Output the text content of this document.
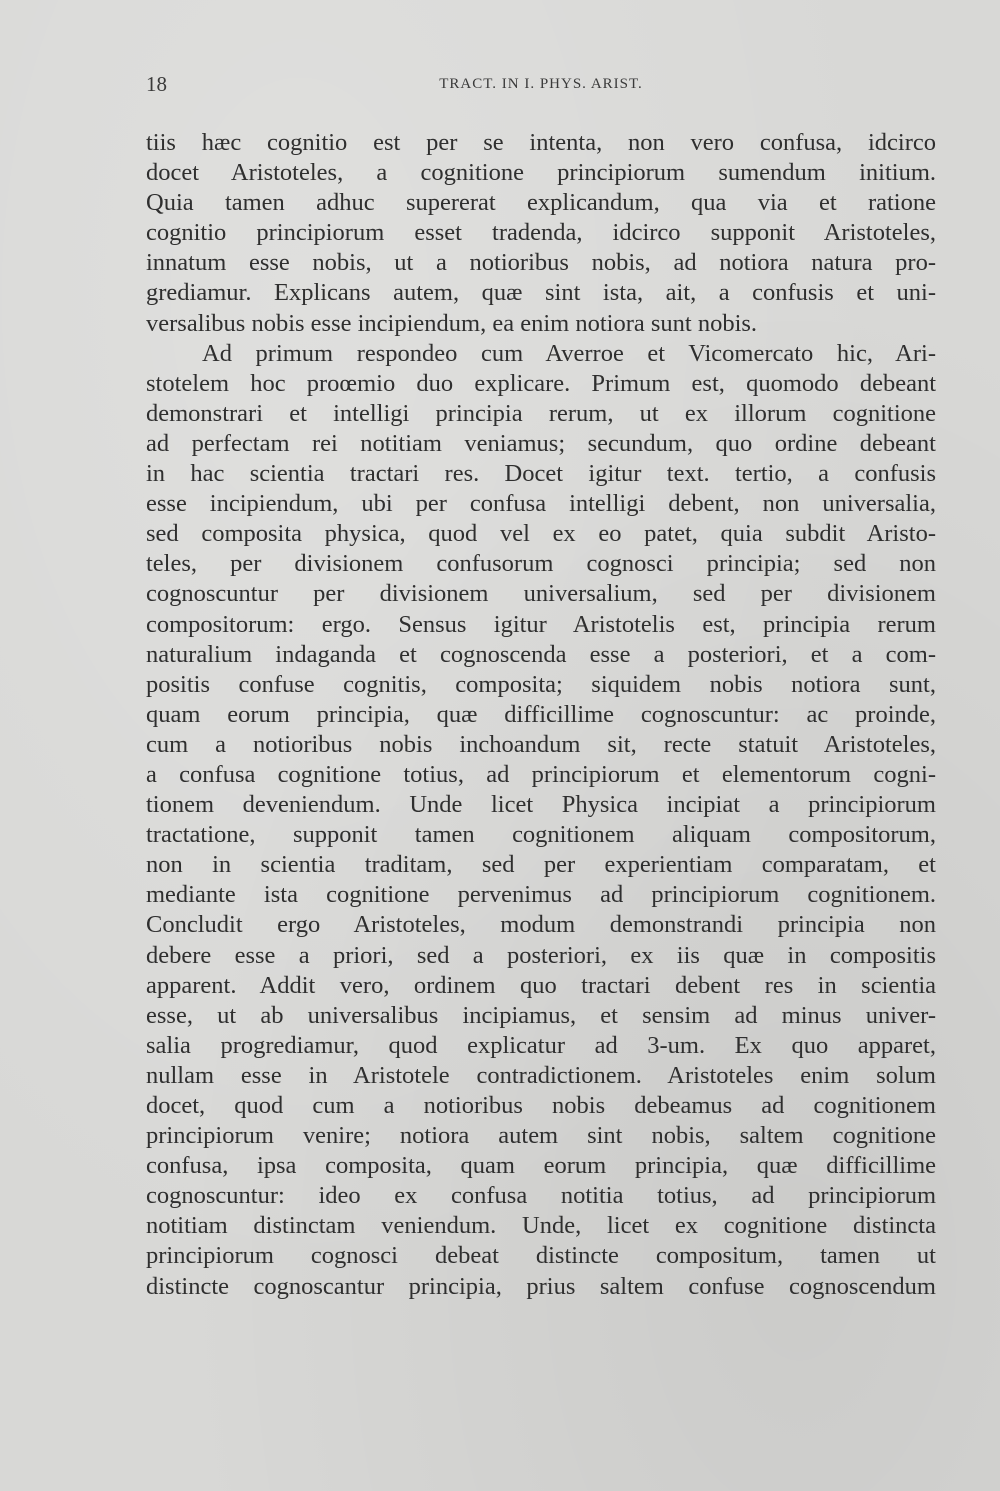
18	TRACT. IN I. PHYS. ARIST.
tiis hæc cognitio est per se intenta, non vero confusa, idcirco
docet Aristoteles, a cognitione principiorum sumendum initium.
Quia tamen adhuc supererat explicandum, qua via et ratione
cognitio principiorum esset tradenda, idcirco supponit Aristoteles,
innatum esse nobis, ut a notioribus nobis, ad notiora natura pro-
grediamur. Explicans autem, quæ sint ista, ait, a confusis et uni-
versalibus nobis esse incipiendum, ea enim notiora sunt nobis.
Ad primum respondeo cum Averroe et Vicomercato hic, Ari-
stotelem hoc proœmio duo explicare. Primum est, quomodo debeant
demonstrari et intelligi principia rerum, ut ex illorum cognitione
ad perfectam rei notitiam veniamus; secundum, quo ordine debeant
in hac scientia tractari res. Docet igitur text. tertio, a confusis
esse incipiendum, ubi per confusa intelligi debent, non universalia,
sed composita physica, quod vel ex eo patet, quia subdit Aristo-
teles, per divisionem confusorum cognosci principia; sed non
cognoscuntur per divisionem universalium, sed per divisionem
compositorum: ergo. Sensus igitur Aristotelis est, principia rerum
naturalium indaganda et cognoscenda esse a posteriori, et a com-
positis confuse cognitis, composita; siquidem nobis notiora sunt,
quam eorum principia, quæ difficillime cognoscuntur: ac proinde,
cum a notioribus nobis inchoandum sit, recte statuit Aristoteles,
a confusa cognitione totius, ad principiorum et elementorum cogni-
tionem deveniendum. Unde licet Physica incipiat a principiorum
tractatione, supponit tamen cognitionem aliquam compositorum,
non in scientia traditam, sed per experientiam comparatam, et
mediante ista cognitione pervenimus ad principiorum cognitionem.
Concludit ergo Aristoteles, modum demonstrandi principia non
debere esse a priori, sed a posteriori, ex iis quæ in compositis
apparent. Addit vero, ordinem quo tractari debent res in scientia
esse, ut ab universalibus incipiamus, et sensim ad minus univer-
salia progrediamur, quod explicatur ad 3-um. Ex quo apparet,
nullam esse in Aristotele contradictionem. Aristoteles enim solum
docet, quod cum a notioribus nobis debeamus ad cognitionem
principiorum venire; notiora autem sint nobis, saltem cognitione
confusa, ipsa composita, quam eorum principia, quæ difficillime
cognoscuntur: ideo ex confusa notitia totius, ad principiorum
notitiam distinctam veniendum. Unde, licet ex cognitione distincta
principiorum cognosci debeat distincte compositum, tamen ut
distincte cognoscantur principia, prius saltem confuse cognoscendum
